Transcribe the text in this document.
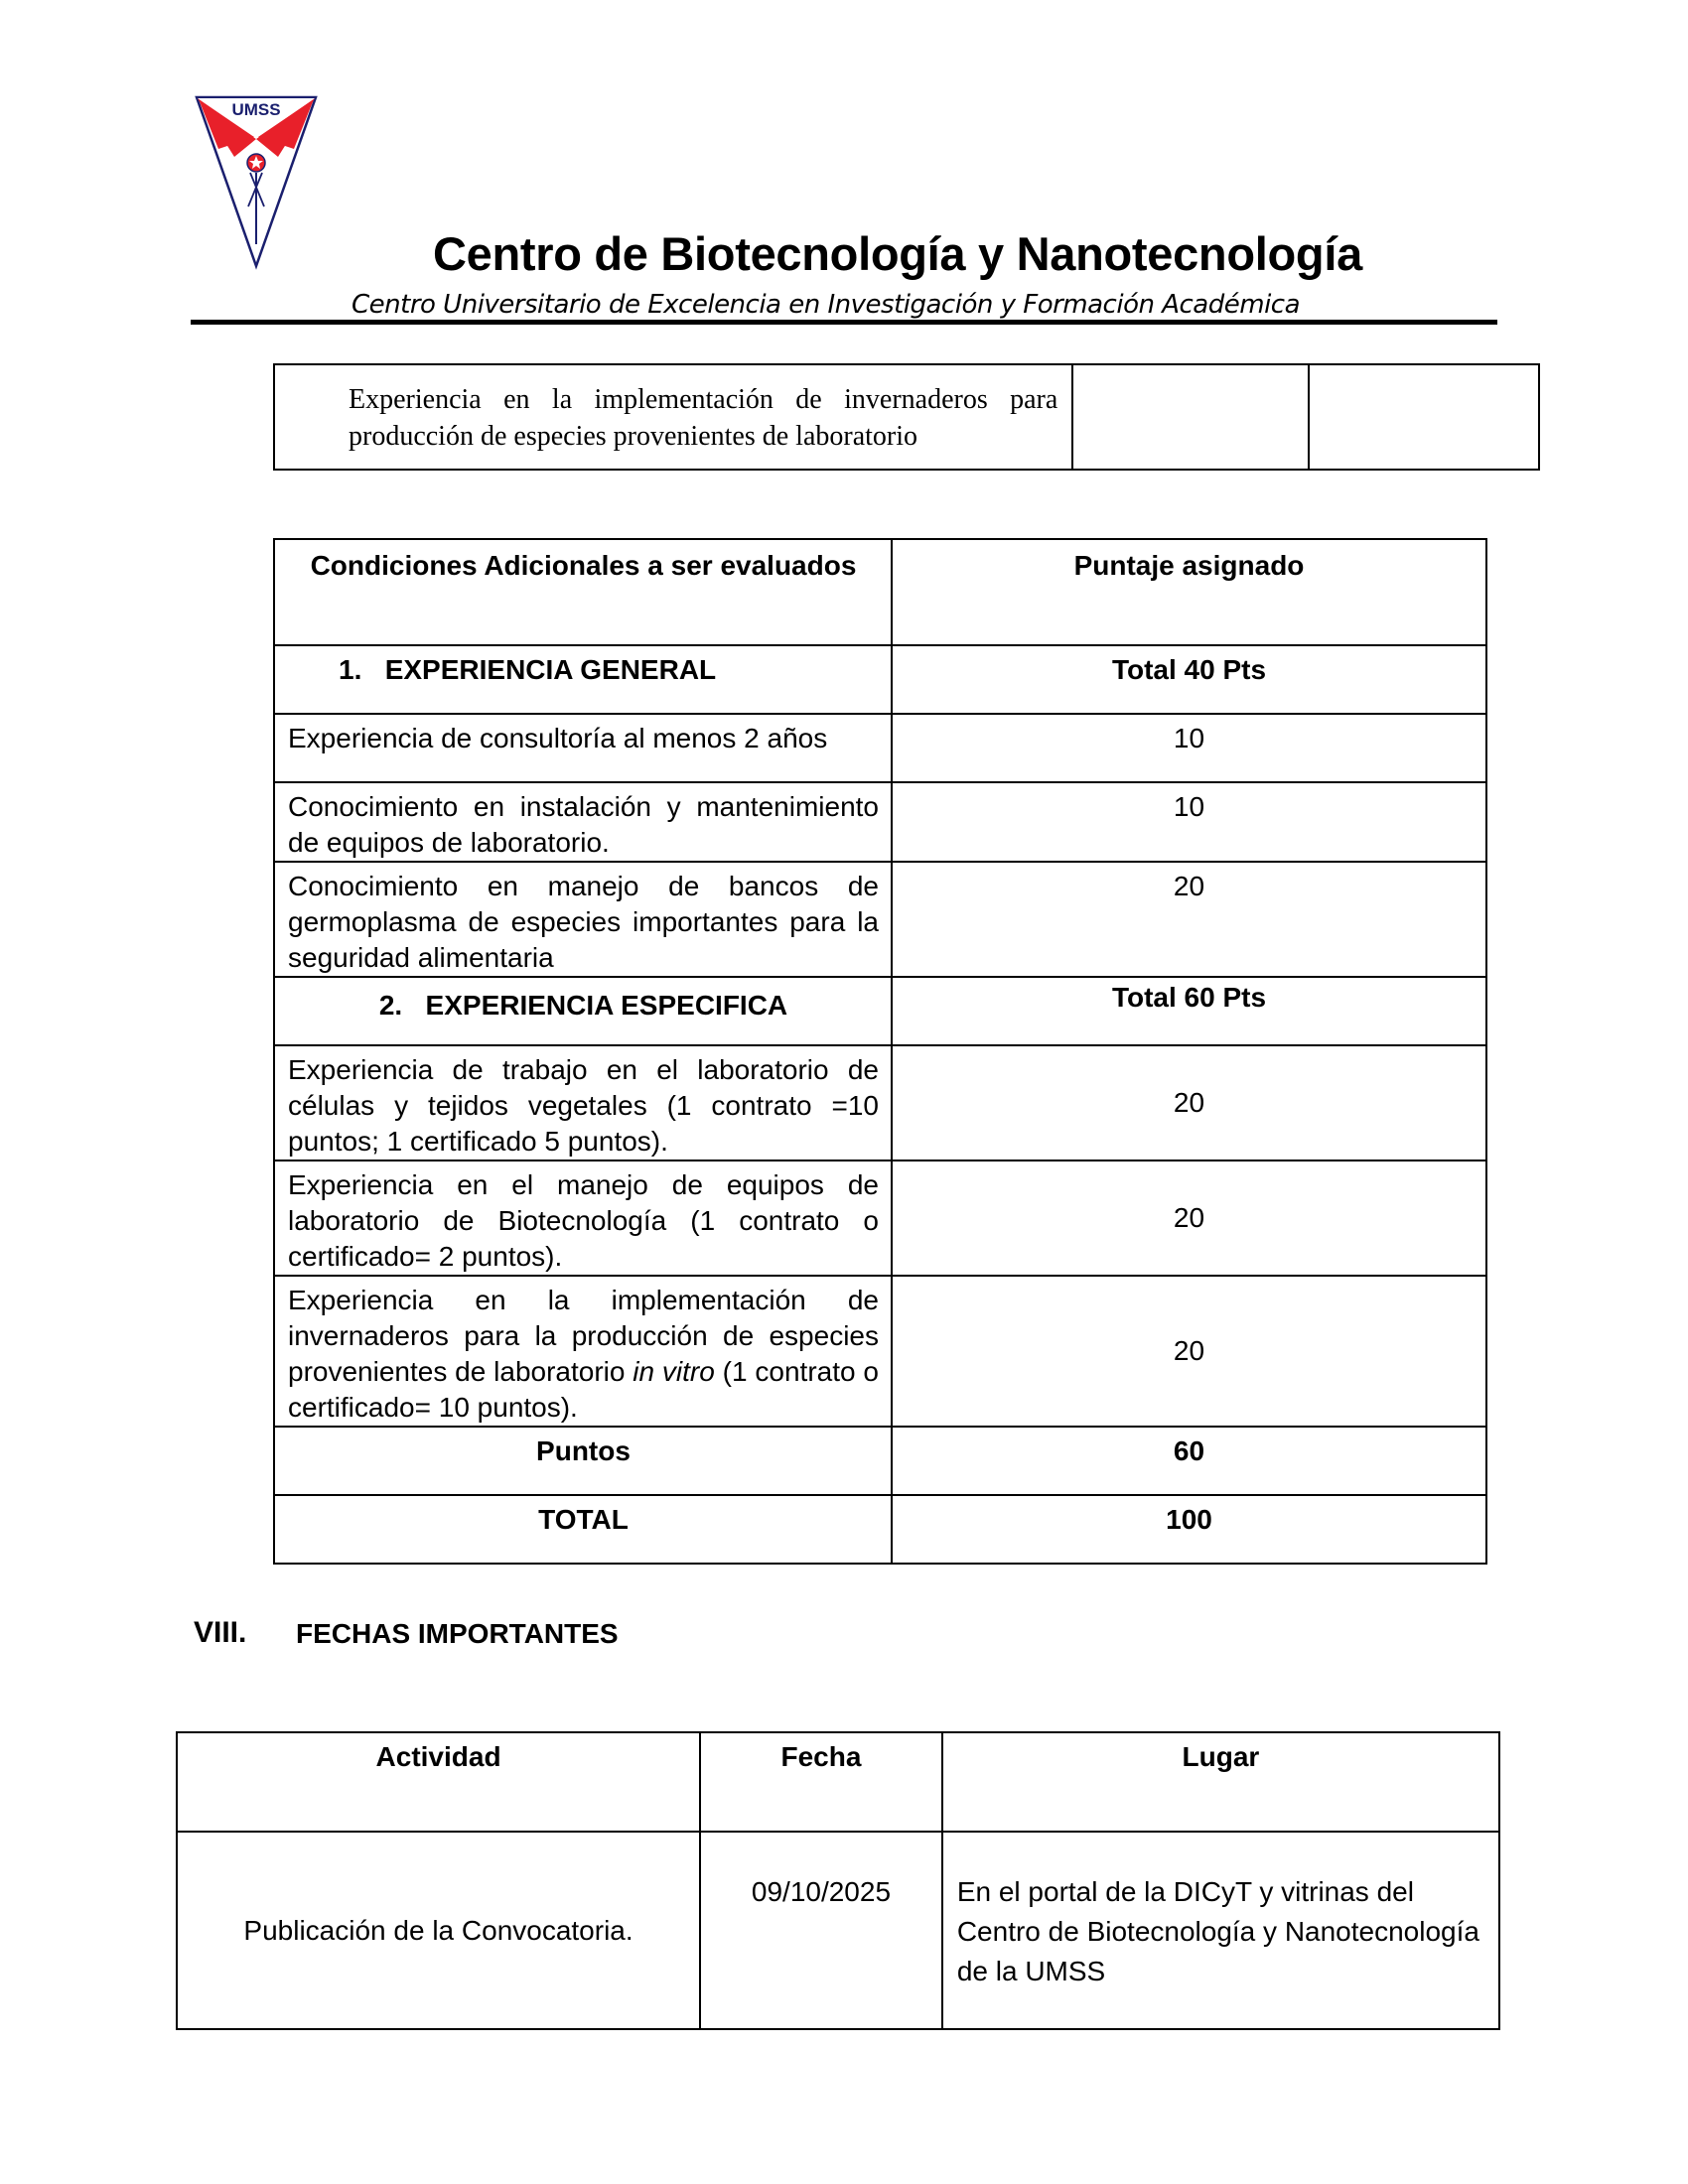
UMSS
Centro de Biotecnología y Nanotecnología
Centro Universitario de Excelencia en Investigación y Formación Académica
Experiencia en la implementación de invernaderos para producción de especies provenientes de laboratorio		
Condiciones Adicionales a ser evaluados	Puntaje asignado
1.   EXPERIENCIA GENERAL	Total 40 Pts
Experiencia de consultoría al menos 2 años	10
Conocimiento en instalación y mantenimiento de equipos de laboratorio.	10
Conocimiento en manejo de bancos de germoplasma de especies importantes para la seguridad alimentaria	20
2.   EXPERIENCIA ESPECIFICA	Total 60 Pts
Experiencia de trabajo en el laboratorio de células y tejidos vegetales (1 contrato =10 puntos; 1 certificado 5 puntos).	20
Experiencia en el manejo de equipos de laboratorio de Biotecnología (1 contrato o certificado= 2 puntos).	20
Experiencia en la implementación de invernaderos para la producción de especies provenientes de laboratorio in vitro (1 contrato o certificado= 10 puntos).	20
Puntos	60
TOTAL	100
VIII. FECHAS IMPORTANTES
Actividad	Fecha	Lugar
Publicación de la Convocatoria.	09/10/2025	En el portal de la DICyT y vitrinas del Centro de Biotecnología y Nanotecnología de la UMSS
